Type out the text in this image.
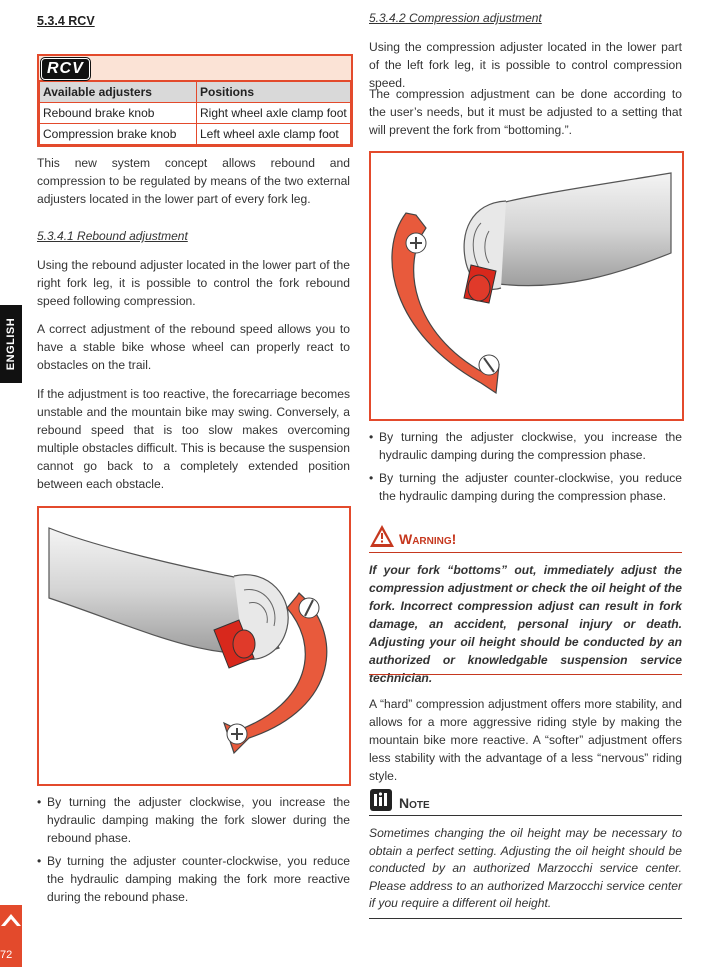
5.3.4 RCV
RCV
Available adjusters	Positions
Rebound brake knob	Right wheel axle clamp foot
Compression brake knob	Left wheel axle clamp foot

This new system concept allows rebound and compression to be regulated by means of the two external adjusters located in the lower part of every fork leg.

5.3.4.1 Rebound adjustment

Using the rebound adjuster located in the lower part of the right fork leg, it is possible to control the fork rebound speed following compression.

A correct adjustment of the rebound speed allows you to have a stable bike whose wheel can properly react to obstacles on the trail.

If the adjustment is too reactive, the forecarriage becomes unstable and the mountain bike may swing. Conversely, a rebound speed that is too slow makes overcoming multiple obstacles difficult. This is because the suspension cannot go back to a completely extended position between each obstacle.

• By turning the adjuster clockwise, you increase the hydraulic damping making the fork slower during the rebound phase.
• By turning the adjuster counter-clockwise, you reduce the hydraulic damping making the fork more reactive during the rebound phase.
5.3.4.2 Compression adjustment

Using the compression adjuster located in the lower part of the left fork leg, it is possible to control compression speed.

The compression adjustment can be done according to the user’s needs, but it must be adjusted to a setting that will prevent the fork from “bottoming.”.

• By turning the adjuster clockwise, you increase the hydraulic damping during the compression phase.
• By turning the adjuster counter-clockwise, you reduce the hydraulic damping during the compression phase.
Warning!
If your fork “bottoms” out, immediately adjust the compression adjustment or check the oil height of the fork. Incorrect compression adjust can result in fork damage, an accident, personal injury or death. Adjusting your oil height should be conducted by an authorized or knowledgable suspension service technician.

A “hard” compression adjustment offers more stability, and allows for a more aggressive riding style by making the mountain bike more reactive. A “softer” adjustment offers less stability with the advantage of a less “nervous” riding style.

Note
Sometimes changing the oil height may be necessary to obtain a perfect setting. Adjusting the oil height should be conducted by an authorized Marzocchi service center. Please address to an authorized Marzocchi service center if you require a different oil height.
ENGLISH
72
